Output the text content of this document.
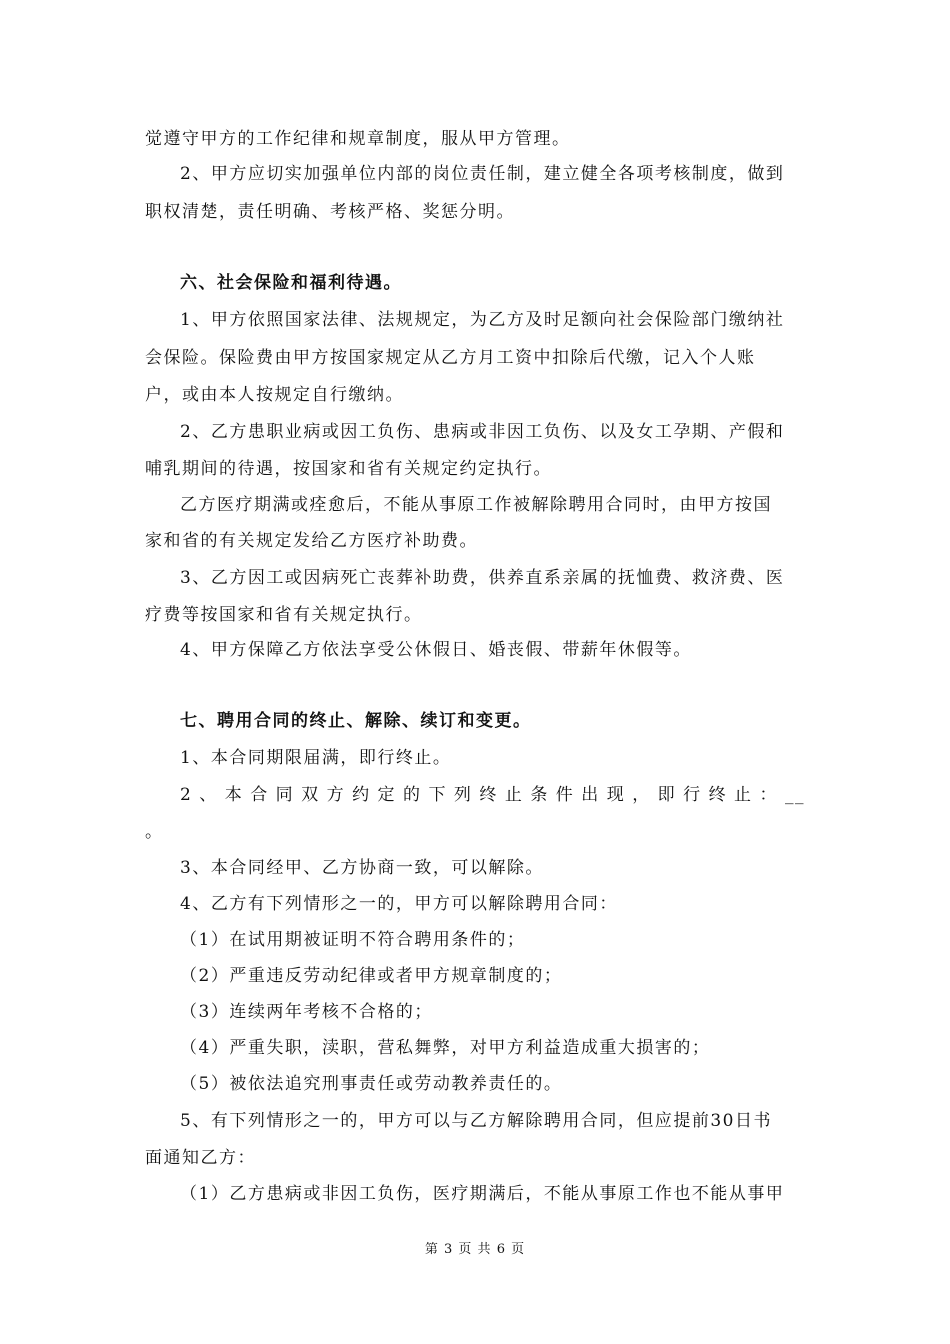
觉遵守甲方的工作纪律和规章制度，服从甲方管理。
2、甲方应切实加强单位内部的岗位责任制，建立健全各项考核制度，做到
职权清楚，责任明确、考核严格、奖惩分明。
六、社会保险和福利待遇。
1、甲方依照国家法律、法规规定，为乙方及时足额向社会保险部门缴纳社
会保险。保险费由甲方按国家规定从乙方月工资中扣除后代缴，记入个人账
户，或由本人按规定自行缴纳。
2、乙方患职业病或因工负伤、患病或非因工负伤、以及女工孕期、产假和
哺乳期间的待遇，按国家和省有关规定约定执行。
乙方医疗期满或痊愈后，不能从事原工作被解除聘用合同时，由甲方按国
家和省的有关规定发给乙方医疗补助费。
3、乙方因工或因病死亡丧葬补助费，供养直系亲属的抚恤费、救济费、医
疗费等按国家和省有关规定执行。
4、甲方保障乙方依法享受公休假日、婚丧假、带薪年休假等。
七、聘用合同的终止、解除、续订和变更。
1、本合同期限届满，即行终止。
2、本合同双方约定的下列终止条件出现，即行终止：__
。
3、本合同经甲、乙方协商一致，可以解除。
4、乙方有下列情形之一的，甲方可以解除聘用合同：
（1）在试用期被证明不符合聘用条件的；
（2）严重违反劳动纪律或者甲方规章制度的；
（3）连续两年考核不合格的；
（4）严重失职，渎职，营私舞弊，对甲方利益造成重大损害的；
（5）被依法追究刑事责任或劳动教养责任的。
5、有下列情形之一的，甲方可以与乙方解除聘用合同，但应提前30日书
面通知乙方：
（1）乙方患病或非因工负伤，医疗期满后，不能从事原工作也不能从事甲
第 3 页 共 6 页
